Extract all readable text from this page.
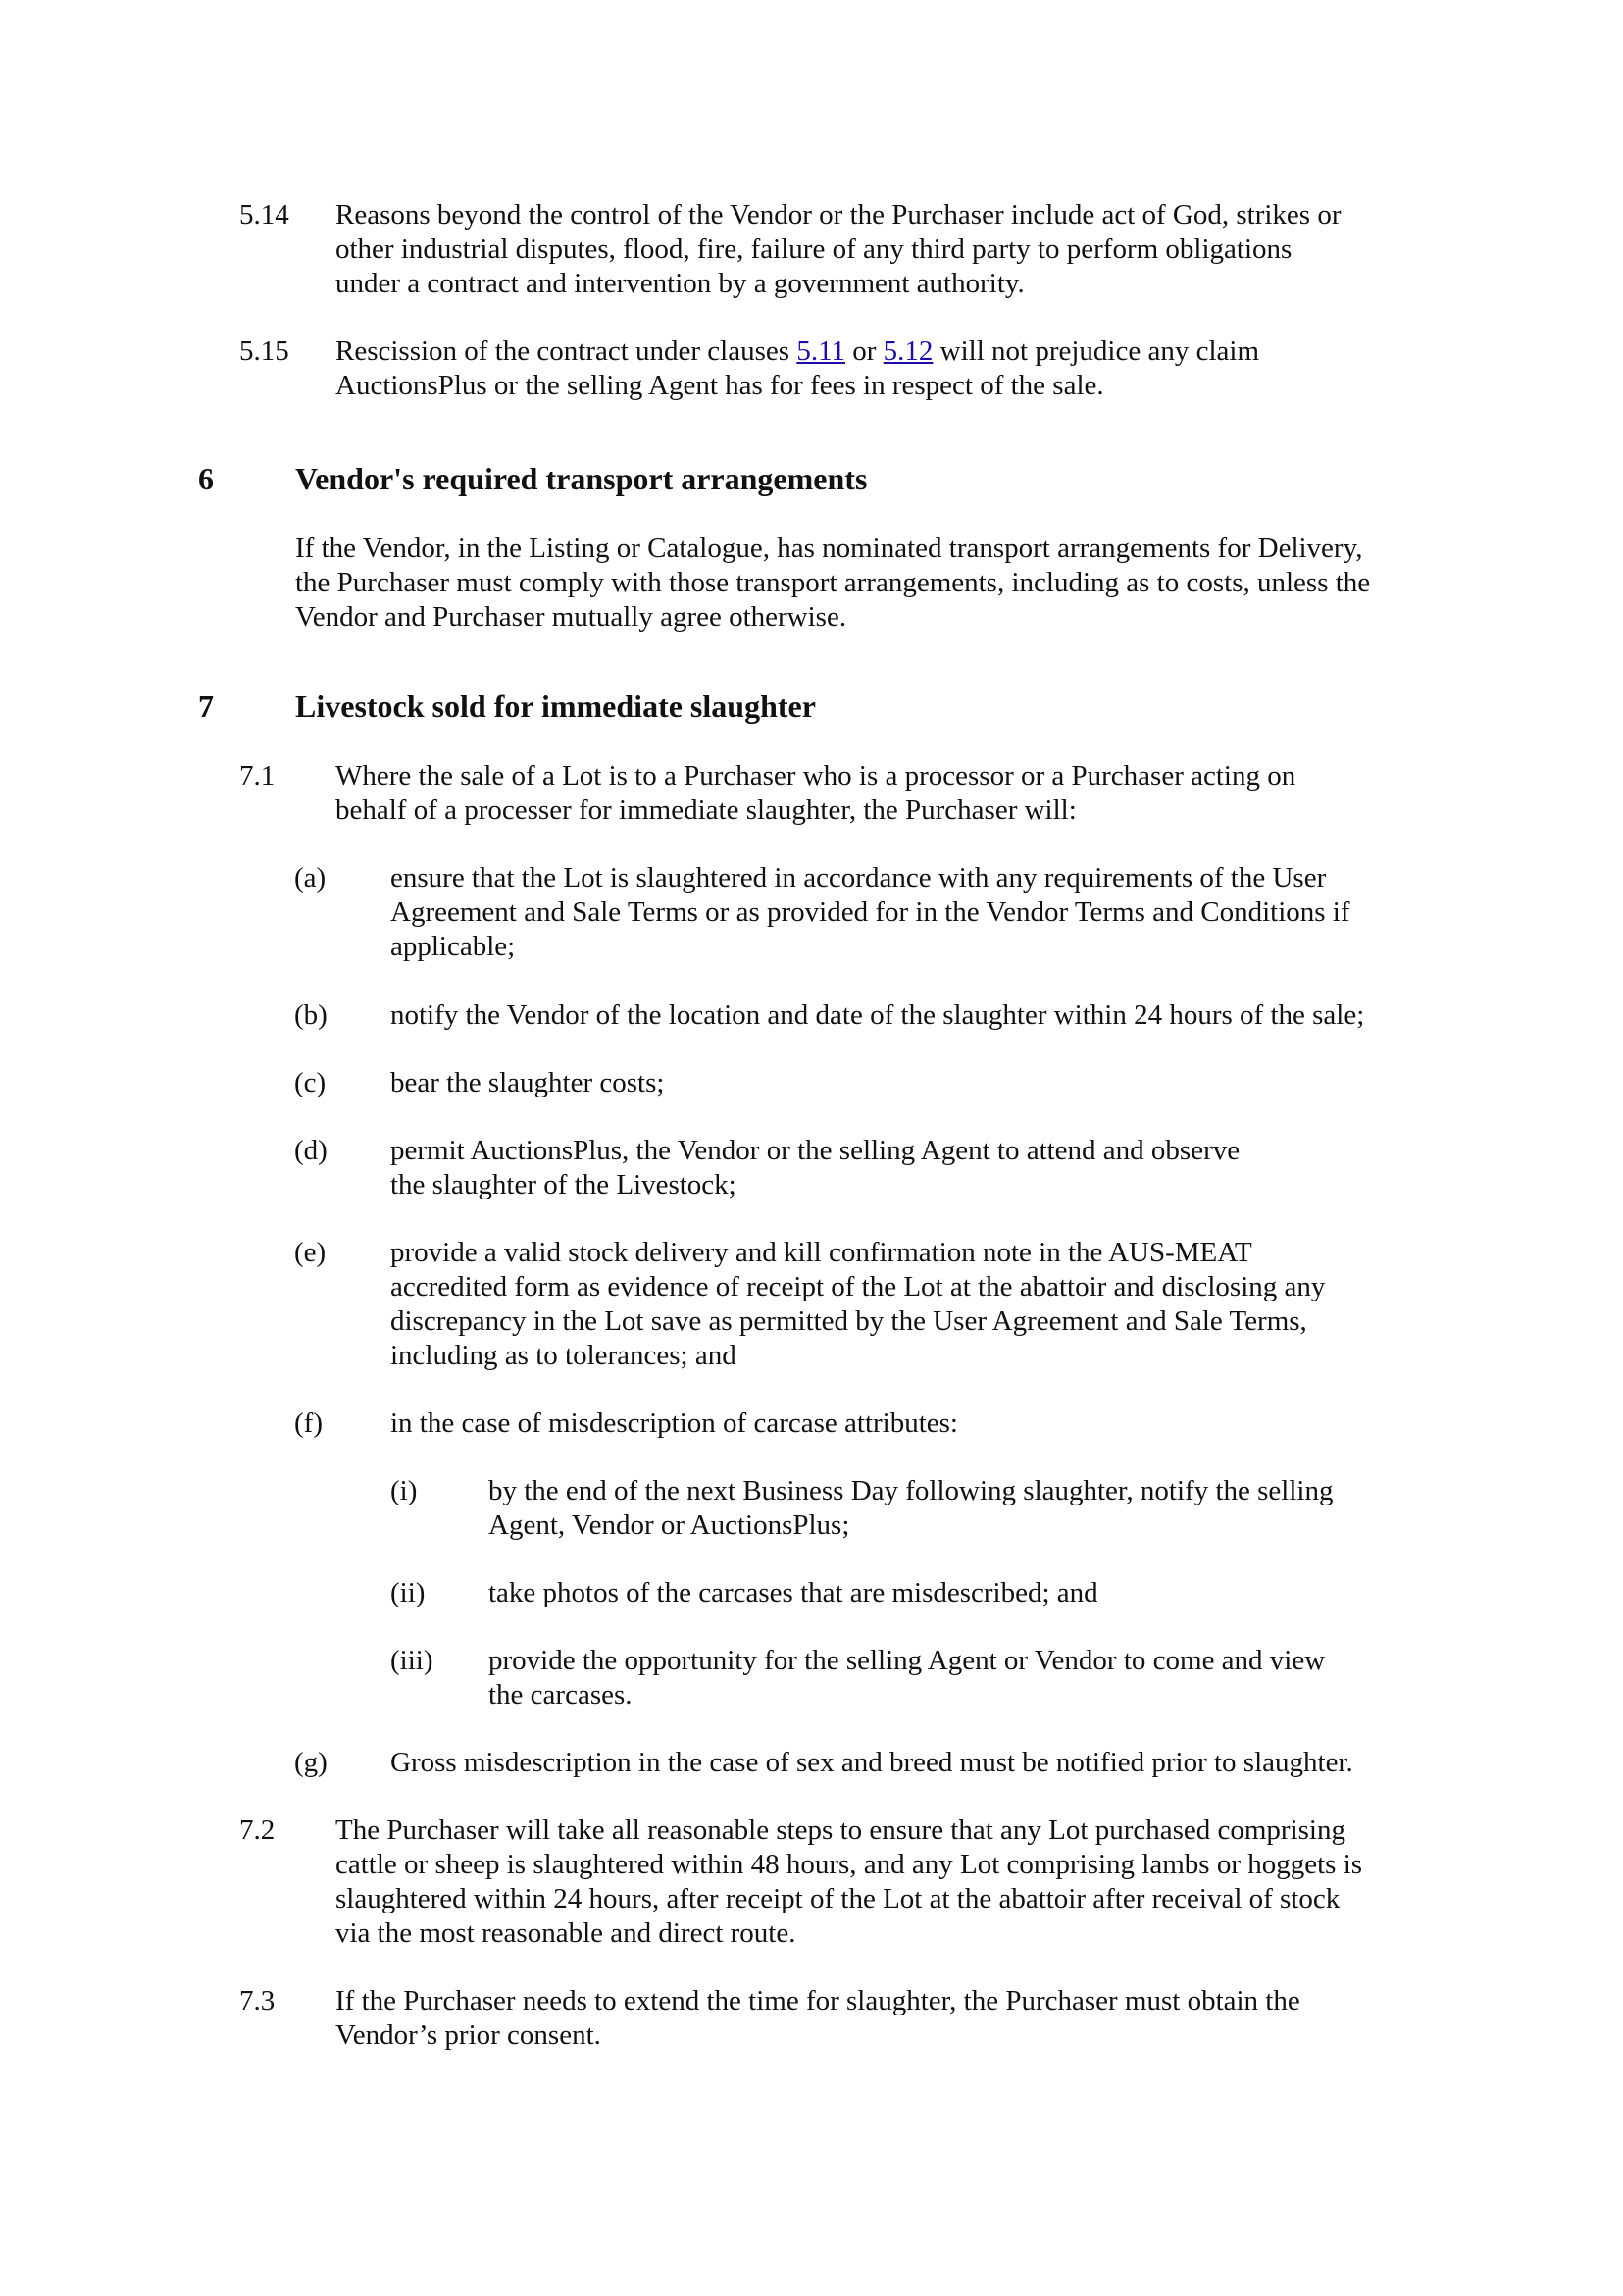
5.14 Reasons beyond the control of the Vendor or the Purchaser include act of God, strikes or
other industrial disputes, flood, fire, failure of any third party to perform obligations
under a contract and intervention by a government authority.
5.15 Rescission of the contract under clauses 5.11 or 5.12 will not prejudice any claim
AuctionsPlus or the selling Agent has for fees in respect of the sale.
6	Vendor's required transport arrangements
If the Vendor, in the Listing or Catalogue, has nominated transport arrangements for Delivery,
the Purchaser must comply with those transport arrangements, including as to costs, unless the
Vendor and Purchaser mutually agree otherwise.
7	Livestock sold for immediate slaughter
7.1 Where the sale of a Lot is to a Purchaser who is a processor or a Purchaser acting on
behalf of a processer for immediate slaughter, the Purchaser will:
(a) ensure that the Lot is slaughtered in accordance with any requirements of the User
Agreement and Sale Terms or as provided for in the Vendor Terms and Conditions if
applicable;
(b) notify the Vendor of the location and date of the slaughter within 24 hours of the sale;
(c) bear the slaughter costs;
(d) permit AuctionsPlus, the Vendor or the selling Agent to attend and observe
the slaughter of the Livestock;
(e) provide a valid stock delivery and kill confirmation note in the AUS-MEAT
accredited form as evidence of receipt of the Lot at the abattoir and disclosing any
discrepancy in the Lot save as permitted by the User Agreement and Sale Terms,
including as to tolerances; and
(f) in the case of misdescription of carcase attributes:
(i)	by the end of the next Business Day following slaughter, notify the selling
Agent, Vendor or AuctionsPlus;
(ii) take photos of the carcases that are misdescribed; and
(iii) provide the opportunity for the selling Agent or Vendor to come and view
the carcases.
(g) Gross misdescription in the case of sex and breed must be notified prior to slaughter.
7.2 The Purchaser will take all reasonable steps to ensure that any Lot purchased comprising
cattle or sheep is slaughtered within 48 hours, and any Lot comprising lambs or hoggets is
slaughtered within 24 hours, after receipt of the Lot at the abattoir after receival of stock
via the most reasonable and direct route.
7.3 If the Purchaser needs to extend the time for slaughter, the Purchaser must obtain the
Vendor’s prior consent.
